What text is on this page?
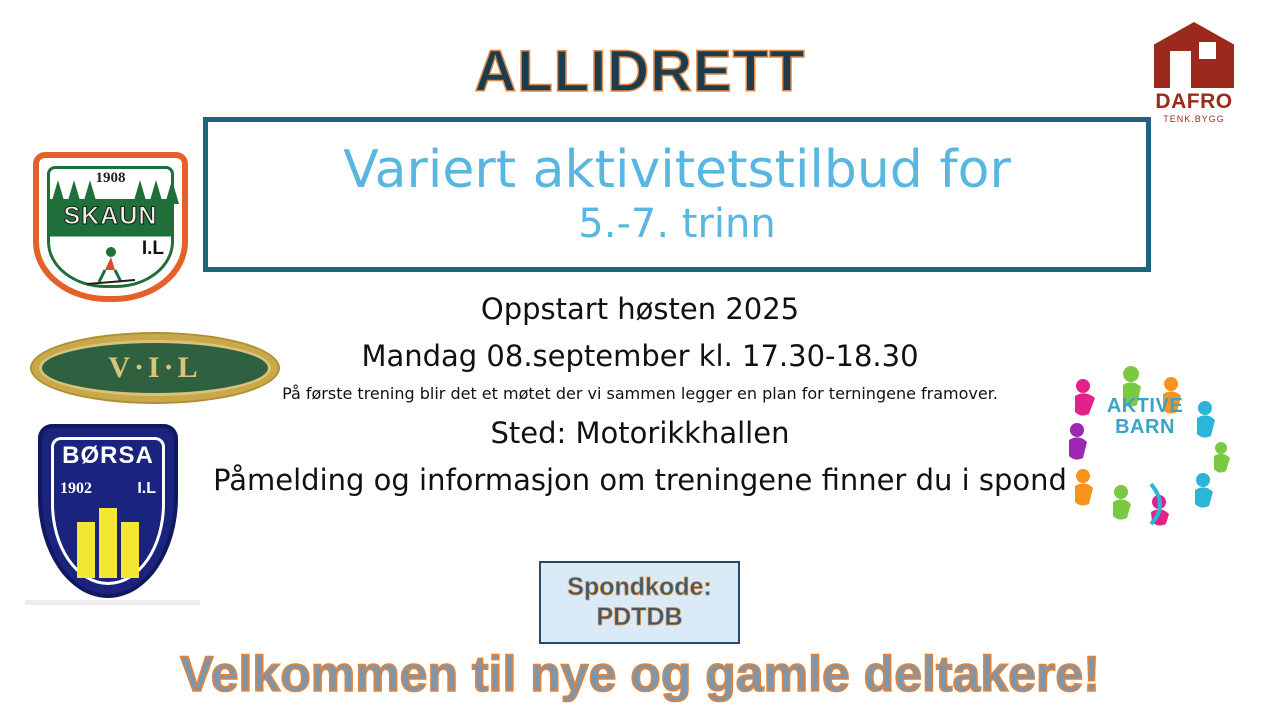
ALLIDRETT
Variert aktivitetstilbud for
5.-7. trinn
Oppstart høsten 2025
Mandag 08.september kl. 17.30-18.30
På første trening blir det et møtet der vi sammen legger en plan for terningene framover.
Sted: Motorikkhallen
Påmelding og informasjon om treningene finner du i spond
Spondkode:
PDTDB
Velkommen til nye og gamle deltakere!
1908
SKAUN
I.L
V·I·L
BØRSA
1902	I.L
DAFRO
TENK.BYGG
AKTIVE
BARN
